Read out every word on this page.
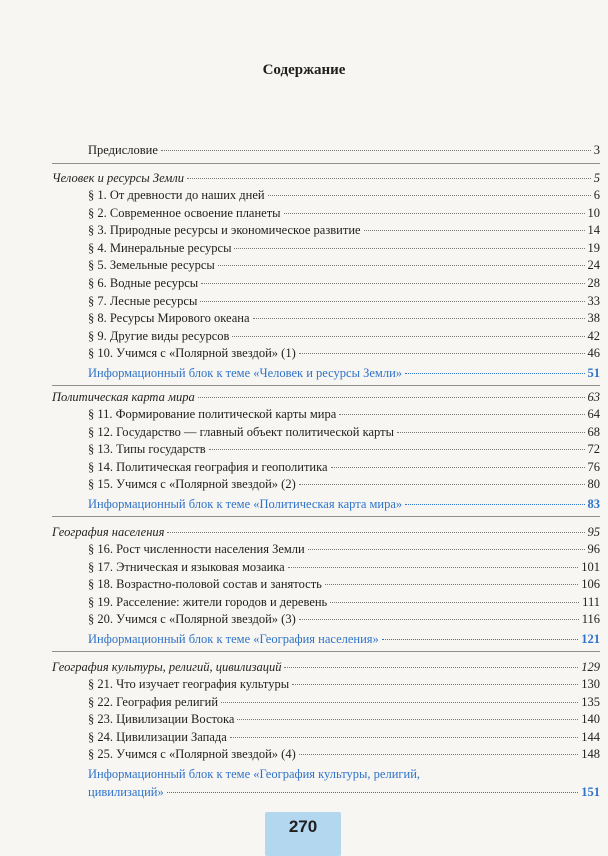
Содержание
Предисловие	3
Человек и ресурсы Земли	5
§ 1. От древности до наших дней	6
§ 2. Современное освоение планеты	10
§ 3. Природные ресурсы и экономическое развитие	14
§ 4. Минеральные ресурсы	19
§ 5. Земельные ресурсы	24
§ 6. Водные ресурсы	28
§ 7. Лесные ресурсы	33
§ 8. Ресурсы Мирового океана	38
§ 9. Другие виды ресурсов	42
§ 10. Учимся с «Полярной звездой» (1)	46
Информационный блок к теме «Человек и ресурсы Земли»	51
Политическая карта мира	63
§ 11. Формирование политической карты мира	64
§ 12. Государство — главный объект политической карты	68
§ 13. Типы государств	72
§ 14. Политическая география и геополитика	76
§ 15. Учимся с «Полярной звездой» (2)	80
Информационный блок к теме «Политическая карта мира»	83
География населения	95
§ 16. Рост численности населения Земли	96
§ 17. Этническая и языковая мозаика	101
§ 18. Возрастно-половой состав и занятость	106
§ 19. Расселение: жители городов и деревень	111
§ 20. Учимся с «Полярной звездой» (3)	116
Информационный блок к теме «География населения»	121
География культуры, религий, цивилизаций	129
§ 21. Что изучает география культуры	130
§ 22. География религий	135
§ 23. Цивилизации Востока	140
§ 24. Цивилизации Запада	144
§ 25. Учимся с «Полярной звездой» (4)	148
Информационный блок к теме «География культуры, религий,
цивилизаций»	151
270
